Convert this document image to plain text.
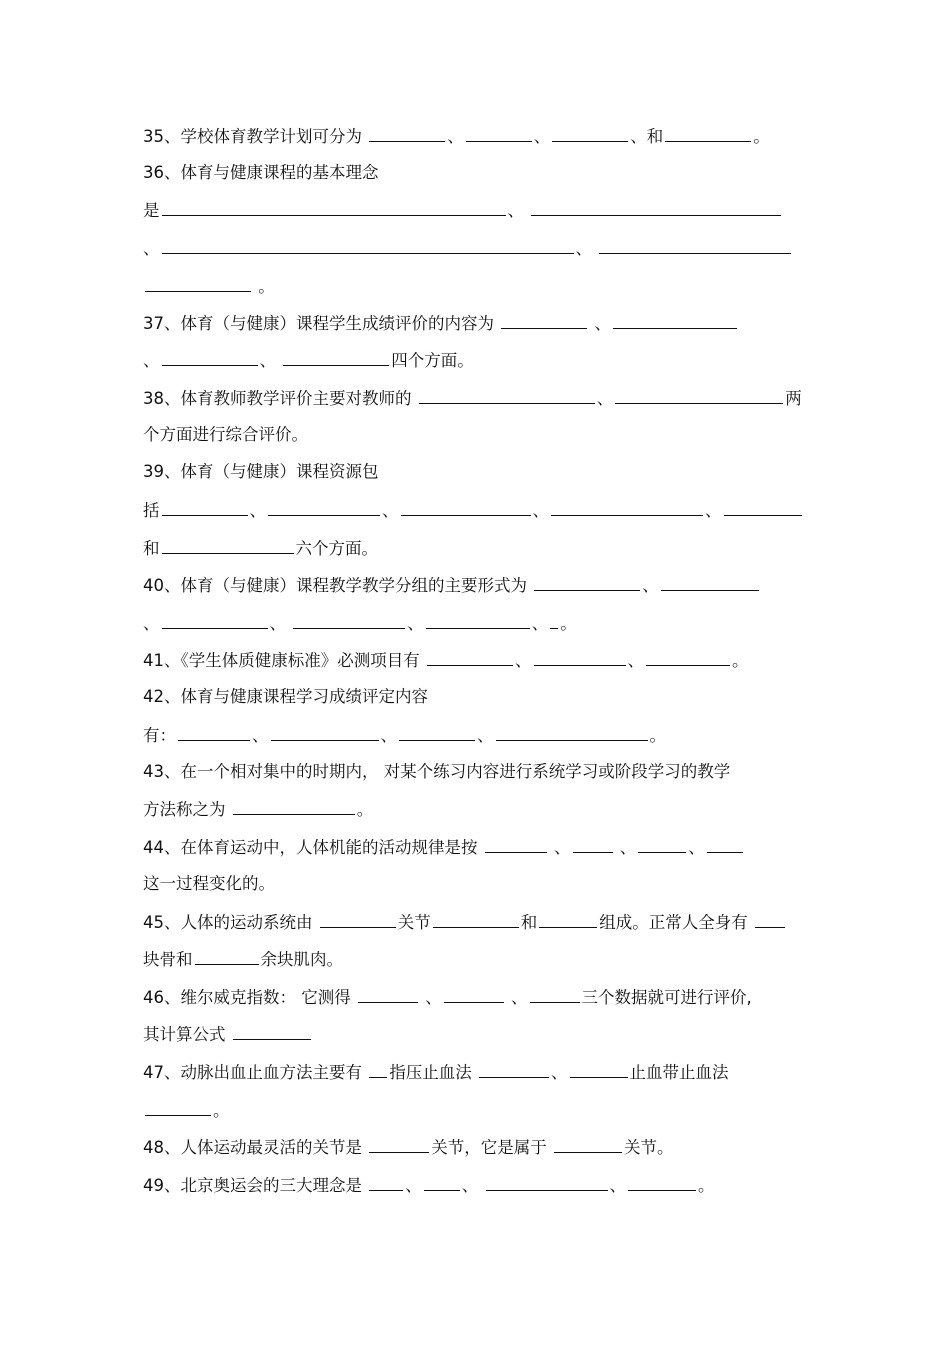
35、学校体育教学计划可分为	、	、	、和	。
36、体育与健康课程的基本理念
是	、
、	、
。
37、体育（与健康）课程学生成绩评价的内容为	、
、	、	四个方面。
38、体育教师教学评价主要对教师的	、	两
个方面进行综合评价。
39、体育（与健康）课程资源包
括	、	、	、	、
和	六个方面。
40、体育（与健康）课程教学教学分组的主要形式为	、
、	、	、	、 。
41、《学生体质健康标准》必测项目有	、	、	。
42、体育与健康课程学习成绩评定内容
有：	、	、	、	。
43、在一个相对集中的时期内， 对某个练习内容进行系统学习或阶段学习的教学
方法称之为	。
44、在体育运动中，人体机能的活动规律是按	、	、	、
这一过程变化的。
45、人体的运动系统由	关节	和	组成。正常人全身有
块骨和	余块肌肉。
46、维尔威克指数： 它测得	、	、	三个数据就可进行评价,
其计算公式
47、动脉出血止血方法主要有 指压止血法	、	止血带止血法
。
48、人体运动最灵活的关节是	关节，它是属于	关节。
49、北京奥运会的三大理念是 、 、	、	。
